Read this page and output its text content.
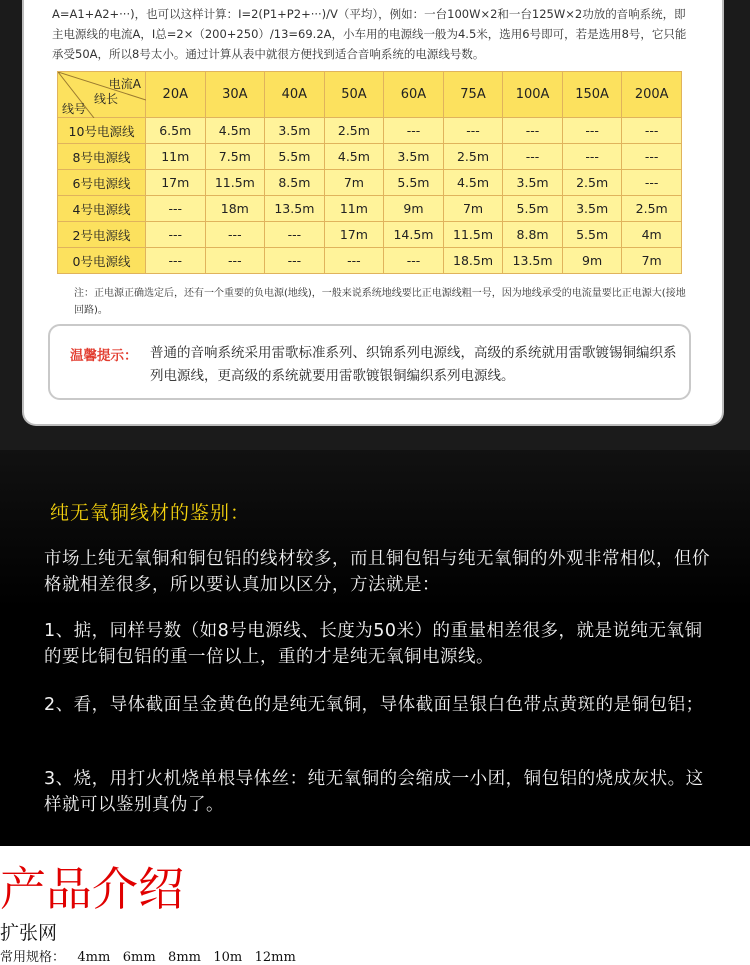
A=A1+A2+···)，也可以这样计算：I=2(P1+P2+···)/V（平均），例如：一台100W×2和一台125W×2功放的音响系统，即主电源线的电流A，I总=2×（200+250）/13=69.2A，小车用的电源线一般为4.5米，选用6号即可，若是选用8号，它只能承受50A，所以8号太小。通过计算从表中就很方便找到适合音响系统的电源线号数。
电流A
线长
线号	20A	30A	40A	50A	60A	75A	100A	150A	200A
10号电源线	6.5m	4.5m	3.5m	2.5m	---	---	---	---	---
8号电源线	11m	7.5m	5.5m	4.5m	3.5m	2.5m	---	---	---
6号电源线	17m	11.5m	8.5m	7m	5.5m	4.5m	3.5m	2.5m	---
4号电源线	---	18m	13.5m	11m	9m	7m	5.5m	3.5m	2.5m
2号电源线	---	---	---	17m	14.5m	11.5m	8.8m	5.5m	4m
0号电源线	---	---	---	---	---	18.5m	13.5m	9m	7m
注：正电源正确选定后，还有一个重要的负电源(地线)，一般来说系统地线要比正电源线粗一号，因为地线承受的电流量要比正电源大(接地回路)。
温馨提示： 普通的音响系统采用雷歌标准系列、织锦系列电源线，高级的系统就用雷歌镀锡铜编织系列电源线，更高级的系统就要用雷歌镀银铜编织系列电源线。
纯无氧铜线材的鉴别：
市场上纯无氧铜和铜包铝的线材较多，而且铜包铝与纯无氧铜的外观非常相似，但价格就相差很多，所以要认真加以区分，方法就是：
1、掂，同样号数（如8号电源线、长度为50米）的重量相差很多，就是说纯无氧铜的要比铜包铝的重一倍以上，重的才是纯无氧铜电源线。
2、看，导体截面呈金黄色的是纯无氧铜，导体截面呈银白色带点黄斑的是铜包铝；
3、烧，用打火机烧单根导体丝：纯无氧铜的会缩成一小团，铜包铝的烧成灰状。这样就可以鉴别真伪了。
产品介绍
扩张网
常用规格：   4mm   6mm   8mm   10m   12mm
